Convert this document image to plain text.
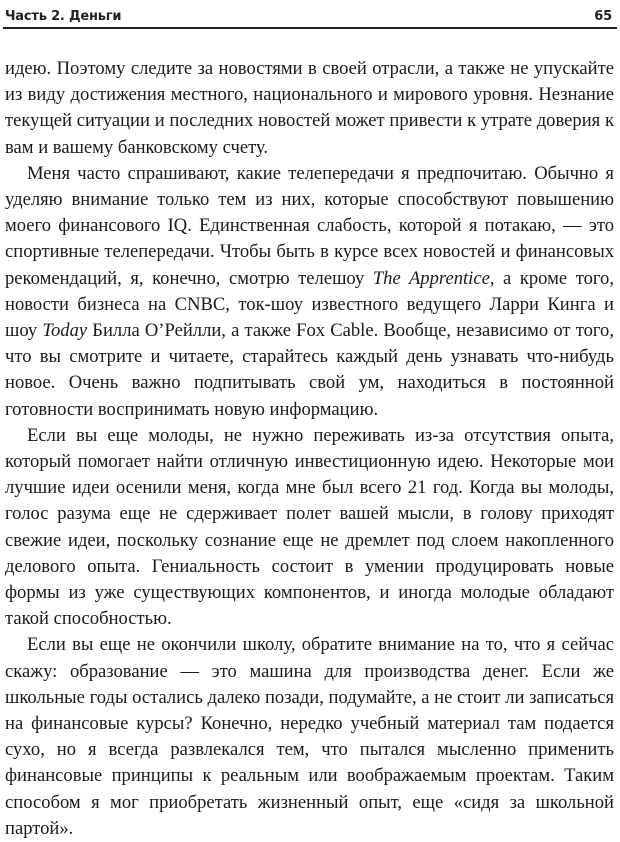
Часть 2. Деньги	65

идею. Поэтому следите за новостями в своей отрасли, а также не упускайте из виду достижения местного, национального и мирового уровня. Незнание текущей ситуации и последних новостей может привести к утрате доверия к вам и вашему банковскому счету.

Меня часто спрашивают, какие телепередачи я предпочитаю. Обычно я уделяю внимание только тем из них, которые способствуют повышению моего финансового IQ. Единственная слабость, которой я потакаю, — это спортивные телепередачи. Чтобы быть в курсе всех новостей и финансовых рекомендаций, я, конечно, смотрю телешоу The Apprentice, а кроме того, новости бизнеса на CNBC, ток-шоу известного ведущего Ларри Кинга и шоу Today Билла О’Рейлли, а также Fox Cable. Вообще, независимо от того, что вы смотрите и читаете, старайтесь каждый день узнавать что-нибудь новое. Очень важно подпитывать свой ум, находиться в постоянной готовности воспринимать новую информацию.

Если вы еще молоды, не нужно переживать из-за отсутствия опыта, который помогает найти отличную инвестиционную идею. Некоторые мои лучшие идеи осенили меня, когда мне был всего 21 год. Когда вы молоды, голос разума еще не сдерживает полет вашей мысли, в голову приходят свежие идеи, поскольку сознание еще не дремлет под слоем накопленного делового опыта. Гениальность состоит в умении продуцировать новые формы из уже существующих компонентов, и иногда молодые обладают такой способностью.

Если вы еще не окончили школу, обратите внимание на то, что я сейчас скажу: образование — это машина для производства денег. Если же школьные годы остались далеко позади, подумайте, а не стоит ли записаться на финансовые курсы? Конечно, нередко учебный материал там подается сухо, но я всегда развлекался тем, что пытался мысленно применить финансовые принципы к реальным или воображаемым проектам. Таким способом я мог приобретать жизненный опыт, еще «сидя за школьной партой».
